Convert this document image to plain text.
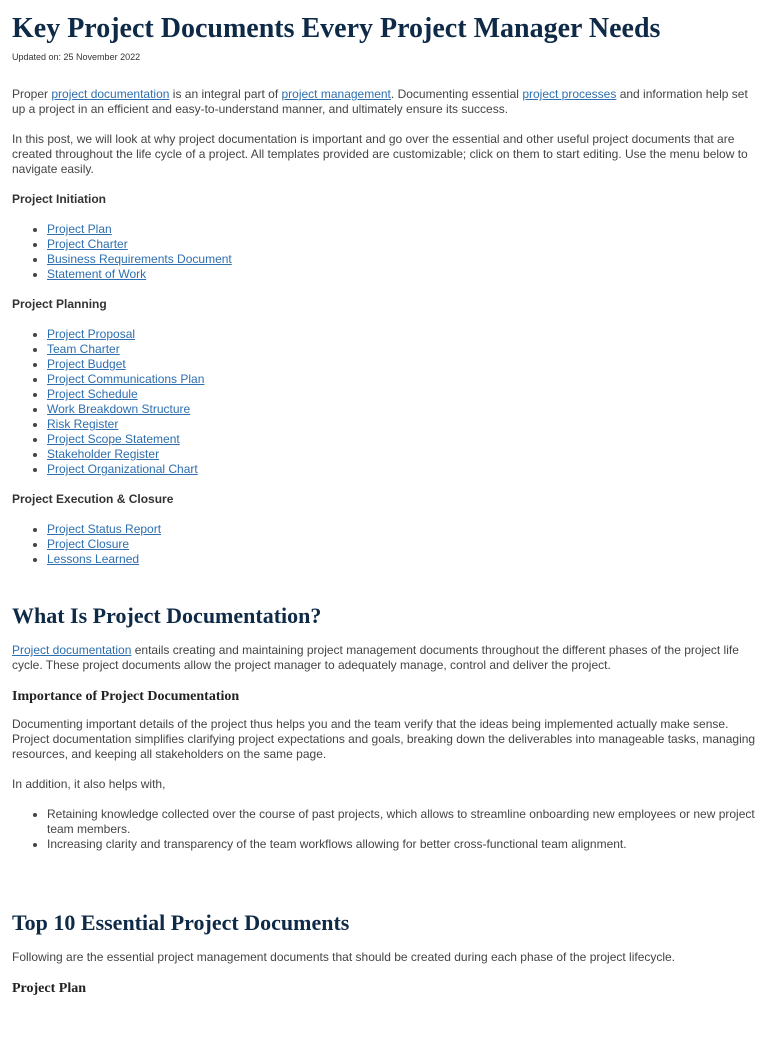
Key Project Documents Every Project Manager Needs
Updated on: 25 November 2022

Proper project documentation is an integral part of project management. Documenting essential project processes and information help set up a project in an efficient and easy-to-understand manner, and ultimately ensure its success.

In this post, we will look at why project documentation is important and go over the essential and other useful project documents that are created throughout the life cycle of a project. All templates provided are customizable; click on them to start editing. Use the menu below to navigate easily.

Project Initiation
• Project Plan
• Project Charter
• Business Requirements Document
• Statement of Work
Project Planning
• Project Proposal
• Team Charter
• Project Budget
• Project Communications Plan
• Project Schedule
• Work Breakdown Structure
• Risk Register
• Project Scope Statement
• Stakeholder Register
• Project Organizational Chart
Project Execution & Closure
• Project Status Report
• Project Closure
• Lessons Learned
What Is Project Documentation?

Project documentation entails creating and maintaining project management documents throughout the different phases of the project life cycle. These project documents allow the project manager to adequately manage, control and deliver the project.

Importance of Project Documentation

Documenting important details of the project thus helps you and the team verify that the ideas being implemented actually make sense. Project documentation simplifies clarifying project expectations and goals, breaking down the deliverables into manageable tasks, managing resources, and keeping all stakeholders on the same page.

In addition, it also helps with,

• Retaining knowledge collected over the course of past projects, which allows to streamline onboarding new employees or new project team members.
• Increasing clarity and transparency of the team workflows allowing for better cross-functional team alignment.
Top 10 Essential Project Documents

Following are the essential project management documents that should be created during each phase of the project lifecycle.

Project Plan
